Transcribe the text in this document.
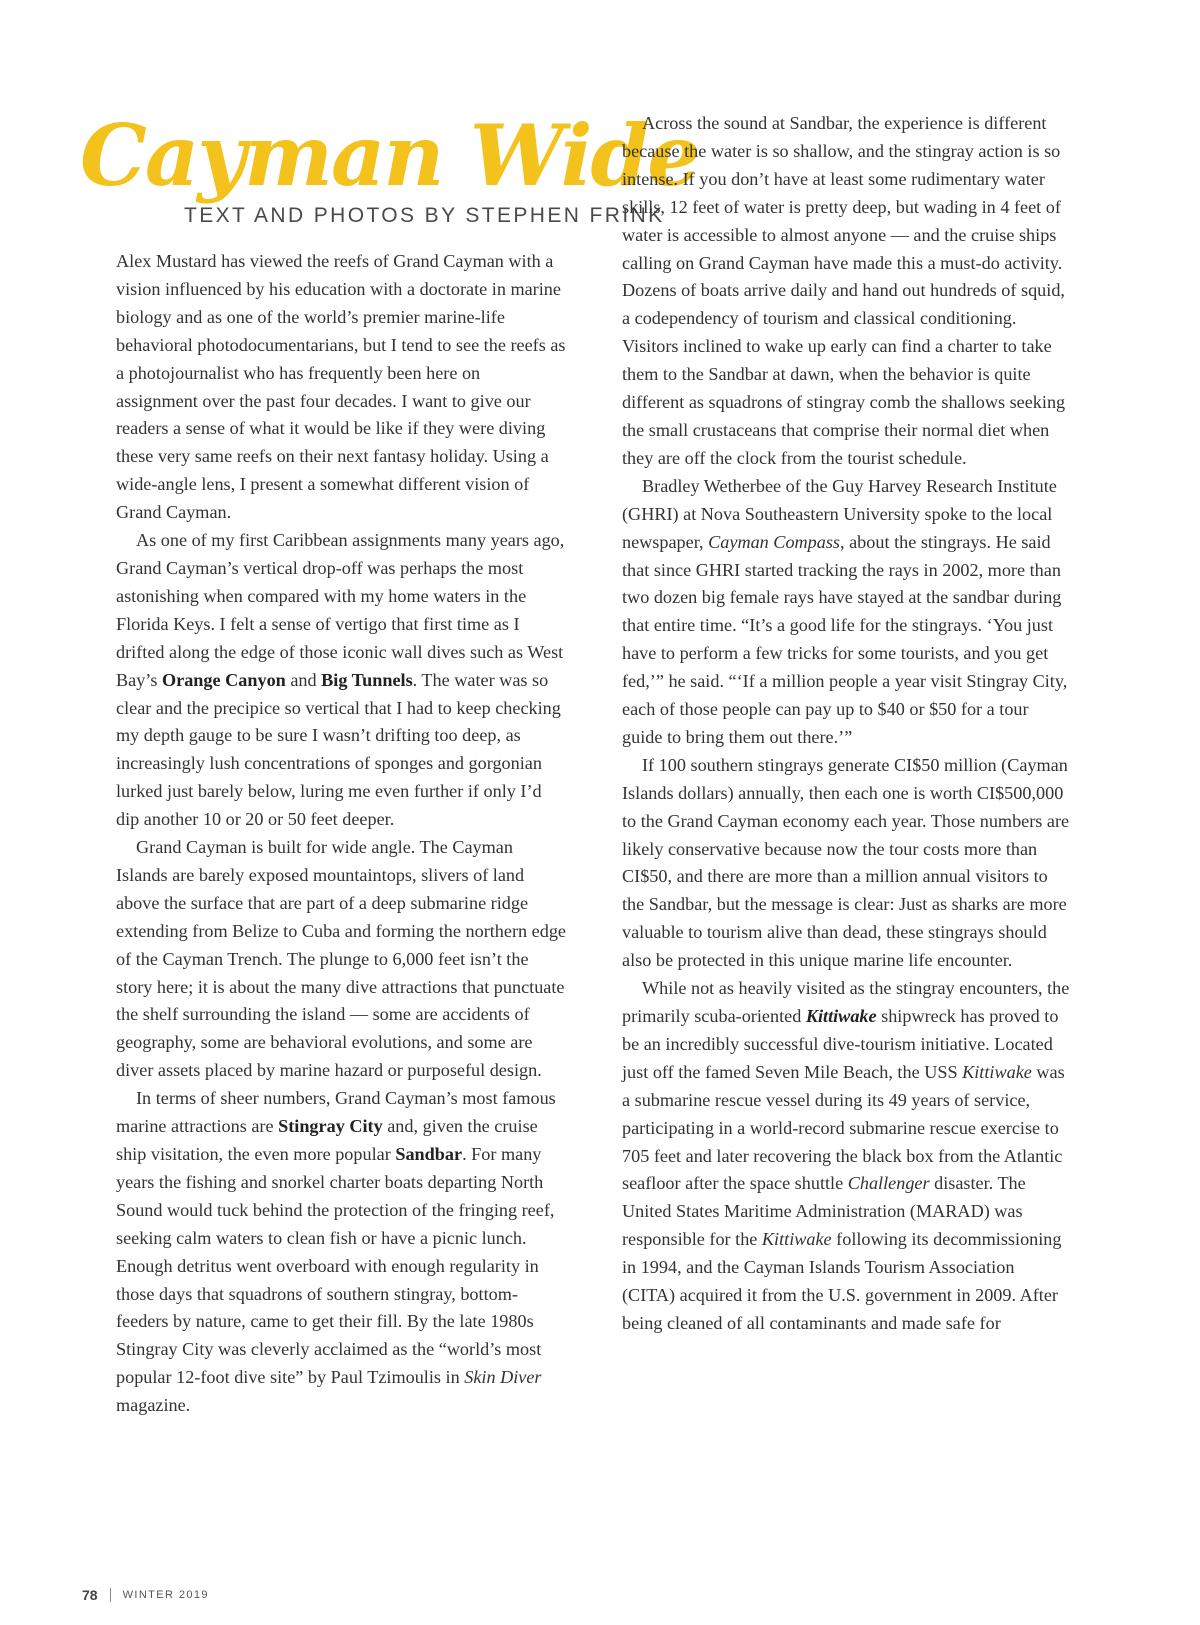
Cayman Wide
TEXT AND PHOTOS BY STEPHEN FRINK

Alex Mustard has viewed the reefs of Grand Cayman with a vision influenced by his education with a doctorate in marine biology and as one of the world’s premier marine-life behavioral photodocumentarians, but I tend to see the reefs as a photojournalist who has frequently been here on assignment over the past four decades. I want to give our readers a sense of what it would be like if they were diving these very same reefs on their next fantasy holiday. Using a wide-angle lens, I present a somewhat different vision of Grand Cayman.

As one of my first Caribbean assignments many years ago, Grand Cayman’s vertical drop-off was perhaps the most astonishing when compared with my home waters in the Florida Keys. I felt a sense of vertigo that first time as I drifted along the edge of those iconic wall dives such as West Bay’s Orange Canyon and Big Tunnels. The water was so clear and the precipice so vertical that I had to keep checking my depth gauge to be sure I wasn’t drifting too deep, as increasingly lush concentrations of sponges and gorgonian lurked just barely below, luring me even further if only I’d dip another 10 or 20 or 50 feet deeper.

Grand Cayman is built for wide angle. The Cayman Islands are barely exposed mountaintops, slivers of land above the surface that are part of a deep submarine ridge extending from Belize to Cuba and forming the northern edge of the Cayman Trench. The plunge to 6,000 feet isn’t the story here; it is about the many dive attractions that punctuate the shelf surrounding the island — some are accidents of geography, some are behavioral evolutions, and some are diver assets placed by marine hazard or purposeful design.

In terms of sheer numbers, Grand Cayman’s most famous marine attractions are Stingray City and, given the cruise ship visitation, the even more popular Sandbar. For many years the fishing and snorkel charter boats departing North Sound would tuck behind the protection of the fringing reef, seeking calm waters to clean fish or have a picnic lunch. Enough detritus went overboard with enough regularity in those days that squadrons of southern stingray, bottom-feeders by nature, came to get their fill. By the late 1980s Stingray City was cleverly acclaimed as the “world’s most popular 12-foot dive site” by Paul Tzimoulis in Skin Diver magazine.

Across the sound at Sandbar, the experience is different because the water is so shallow, and the stingray action is so intense. If you don’t have at least some rudimentary water skills, 12 feet of water is pretty deep, but wading in 4 feet of water is accessible to almost anyone — and the cruise ships calling on Grand Cayman have made this a must-do activity. Dozens of boats arrive daily and hand out hundreds of squid, a codependency of tourism and classical conditioning. Visitors inclined to wake up early can find a charter to take them to the Sandbar at dawn, when the behavior is quite different as squadrons of stingray comb the shallows seeking the small crustaceans that comprise their normal diet when they are off the clock from the tourist schedule.

Bradley Wetherbee of the Guy Harvey Research Institute (GHRI) at Nova Southeastern University spoke to the local newspaper, Cayman Compass, about the stingrays. He said that since GHRI started tracking the rays in 2002, more than two dozen big female rays have stayed at the sandbar during that entire time. “It’s a good life for the stingrays. ‘You just have to perform a few tricks for some tourists, and you get fed,’” he said. “‘If a million people a year visit Stingray City, each of those people can pay up to $40 or $50 for a tour guide to bring them out there.’”

If 100 southern stingrays generate CI$50 million (Cayman Islands dollars) annually, then each one is worth CI$500,000 to the Grand Cayman economy each year. Those numbers are likely conservative because now the tour costs more than CI$50, and there are more than a million annual visitors to the Sandbar, but the message is clear: Just as sharks are more valuable to tourism alive than dead, these stingrays should also be protected in this unique marine life encounter.

While not as heavily visited as the stingray encounters, the primarily scuba-oriented Kittiwake shipwreck has proved to be an incredibly successful dive-tourism initiative. Located just off the famed Seven Mile Beach, the USS Kittiwake was a submarine rescue vessel during its 49 years of service, participating in a world-record submarine rescue exercise to 705 feet and later recovering the black box from the Atlantic seafloor after the space shuttle Challenger disaster. The United States Maritime Administration (MARAD) was responsible for the Kittiwake following its decommissioning in 1994, and the Cayman Islands Tourism Association (CITA) acquired it from the U.S. government in 2009. After being cleaned of all contaminants and made safe for

78 WINTER 2019
